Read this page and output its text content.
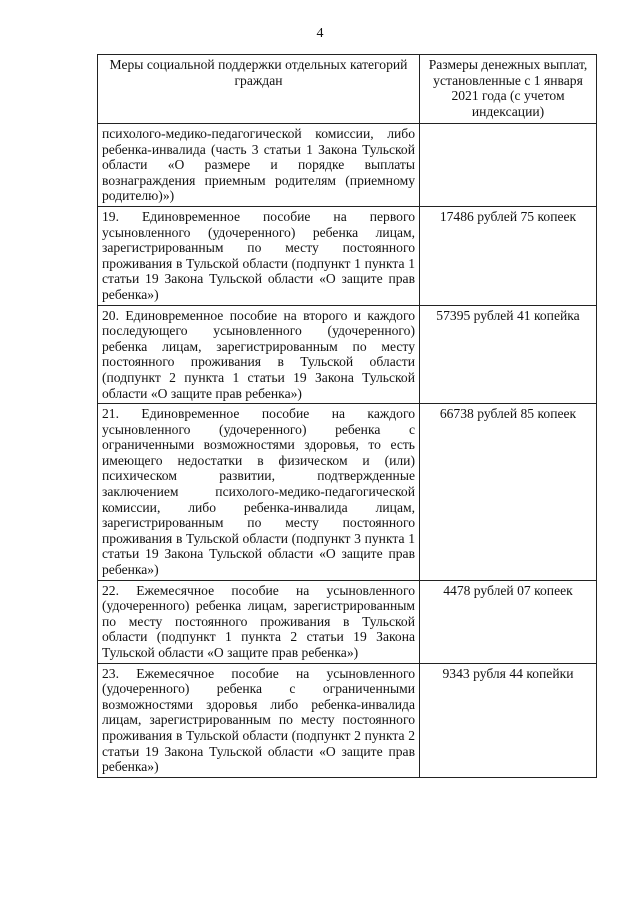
4
Меры социальной поддержки отдельных категорий граждан	Размеры денежных выплат, установленные с 1 января 2021 года (с учетом индексации)
психолого-медико-педагогической комиссии, либо ребенка-инвалида (часть 3 статьи 1 Закона Тульской области «О размере и порядке выплаты вознаграждения приемным родителям (приемному родителю)»)	
19. Единовременное пособие на первого усыновленного (удочеренного) ребенка лицам, зарегистрированным по месту постоянного проживания в Тульской области (подпункт 1 пункта 1 статьи 19 Закона Тульской области «О защите прав ребенка»)	17486 рублей 75 копеек
20. Единовременное пособие на второго и каждого последующего усыновленного (удочеренного) ребенка лицам, зарегистрированным по месту постоянного проживания в Тульской области (подпункт 2 пункта 1 статьи 19 Закона Тульской области «О защите прав ребенка»)	57395 рублей 41 копейка
21. Единовременное пособие на каждого усыновленного (удочеренного) ребенка с ограниченными возможностями здоровья, то есть имеющего недостатки в физическом и (или) психическом развитии, подтвержденные заключением психолого-медико-педагогической комиссии, либо ребенка-инвалида лицам, зарегистрированным по месту постоянного проживания в Тульской области (подпункт 3 пункта 1 статьи 19 Закона Тульской области «О защите прав ребенка»)	66738 рублей 85 копеек
22. Ежемесячное пособие на усыновленного (удочеренного) ребенка лицам, зарегистрированным по месту постоянного проживания в Тульской области (подпункт 1 пункта 2 статьи 19 Закона Тульской области «О защите прав ребенка»)	4478 рублей 07 копеек
23. Ежемесячное пособие на усыновленного (удочеренного) ребенка с ограниченными возможностями здоровья либо ребенка-инвалида лицам, зарегистрированным по месту постоянного проживания в Тульской области (подпункт 2 пункта 2 статьи 19 Закона Тульской области «О защите прав ребенка»)	9343 рубля 44 копейки
